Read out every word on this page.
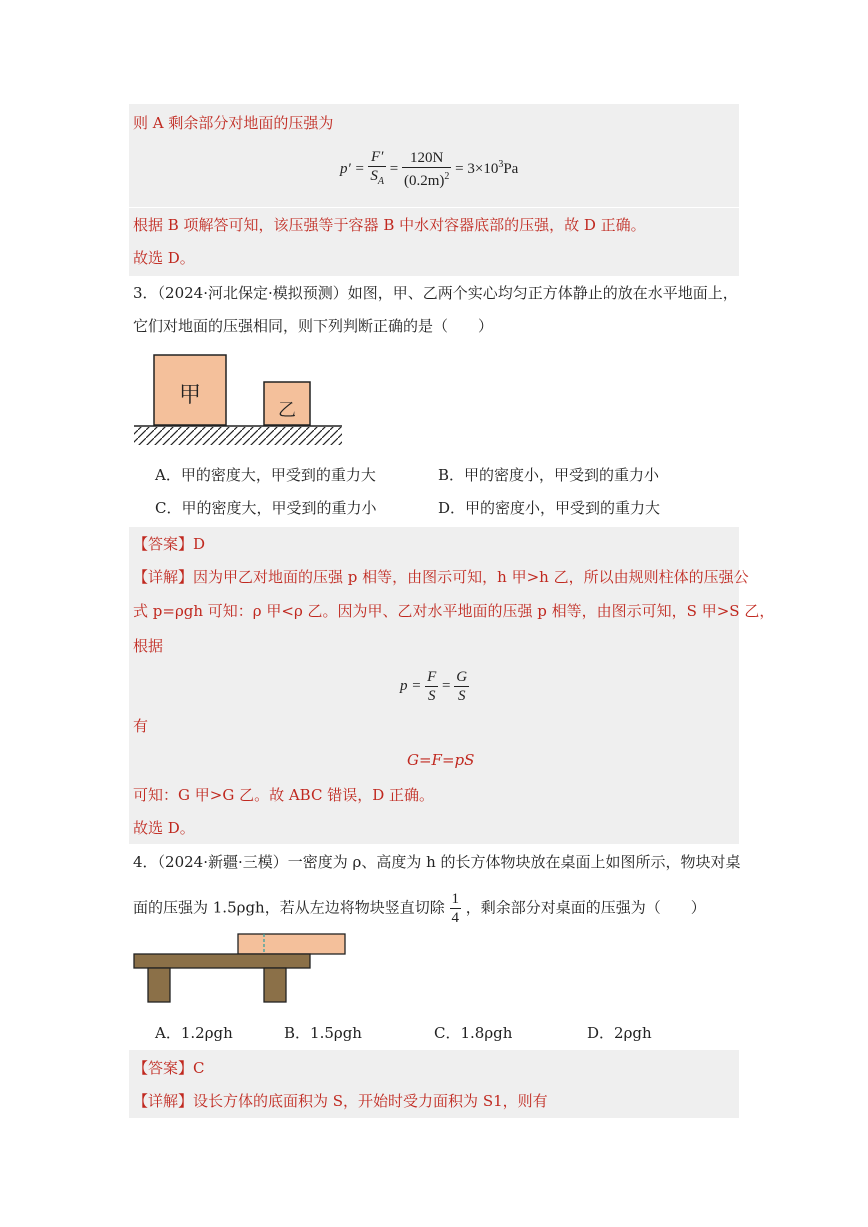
则 A 剩余部分对地面的压强为
$p' = \frac{F'}{S_A} = \frac{120N}{(0.2m)^2} = 3\times 10^3Pa$
根据 B 项解答可知，该压强等于容器 B 中水对容器底部的压强，故 D 正确。
故选 D。
3．（2024·河北保定·模拟预测）如图，甲、乙两个实心均匀正方体静止的放在水平地面上，
它们对地面的压强相同，则下列判断正确的是（　　）
甲
乙
A．甲的密度大，甲受到的重力大	B．甲的密度小，甲受到的重力小
C．甲的密度大，甲受到的重力小	D．甲的密度小，甲受到的重力大
【答案】D
【详解】因为甲乙对地面的压强 p 相等，由图示可知，h 甲>h 乙，所以由规则柱体的压强公
式 p=ρgh 可知：ρ 甲<ρ 乙。因为甲、乙对水平地面的压强 p 相等，由图示可知，S 甲>S 乙，
根据
$p = \frac{F}{S} = \frac{G}{S}$
有
G=F=pS
可知：G 甲>G 乙。故 ABC 错误，D 正确。
故选 D。
4．（2024·新疆·三模）一密度为 ρ、高度为 h 的长方体物块放在桌面上如图所示，物块对桌
面的压强为 1.5ρgh，若从左边将物块竖直切除 $\frac{1}{4}$ ，剩余部分对桌面的压强为（　　）
A．1.2ρgh	B．1.5ρgh	C．1.8ρgh	D．2ρgh
【答案】C
【详解】设长方体的底面积为 S，开始时受力面积为 S1，则有
